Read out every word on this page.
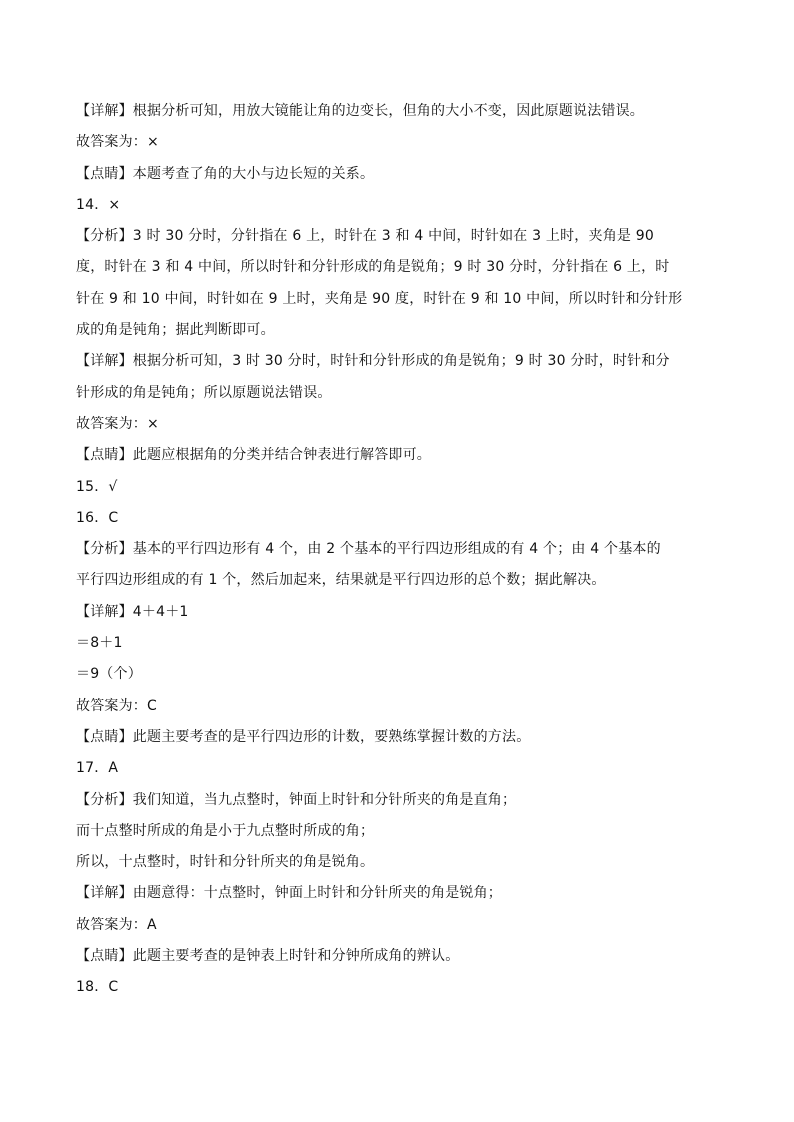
【详解】根据分析可知，用放大镜能让角的边变长，但角的大小不变，因此原题说法错误。
故答案为：×
【点睛】本题考查了角的大小与边长短的关系。
14．×
【分析】3 时 30 分时，分针指在 6 上，时针在 3 和 4 中间，时针如在 3 上时，夹角是 90
度，时针在 3 和 4 中间，所以时针和分针形成的角是锐角；9 时 30 分时，分针指在 6 上，时
针在 9 和 10 中间，时针如在 9 上时，夹角是 90 度，时针在 9 和 10 中间，所以时针和分针形
成的角是钝角；据此判断即可。
【详解】根据分析可知，3 时 30 分时，时针和分针形成的角是锐角；9 时 30 分时，时针和分
针形成的角是钝角；所以原题说法错误。
故答案为：×
【点睛】此题应根据角的分类并结合钟表进行解答即可。
15．√
16．C
【分析】基本的平行四边形有 4 个，由 2 个基本的平行四边形组成的有 4 个；由 4 个基本的
平行四边形组成的有 1 个，然后加起来，结果就是平行四边形的总个数；据此解决。
【详解】4＋4＋1
＝8＋1
＝9（个）
故答案为：C
【点睛】此题主要考查的是平行四边形的计数，要熟练掌握计数的方法。
17．A
【分析】我们知道，当九点整时，钟面上时针和分针所夹的角是直角；
而十点整时所成的角是小于九点整时所成的角；
所以，十点整时，时针和分针所夹的角是锐角。
【详解】由题意得：十点整时，钟面上时针和分针所夹的角是锐角；
故答案为：A
【点睛】此题主要考查的是钟表上时针和分钟所成角的辨认。
18．C
